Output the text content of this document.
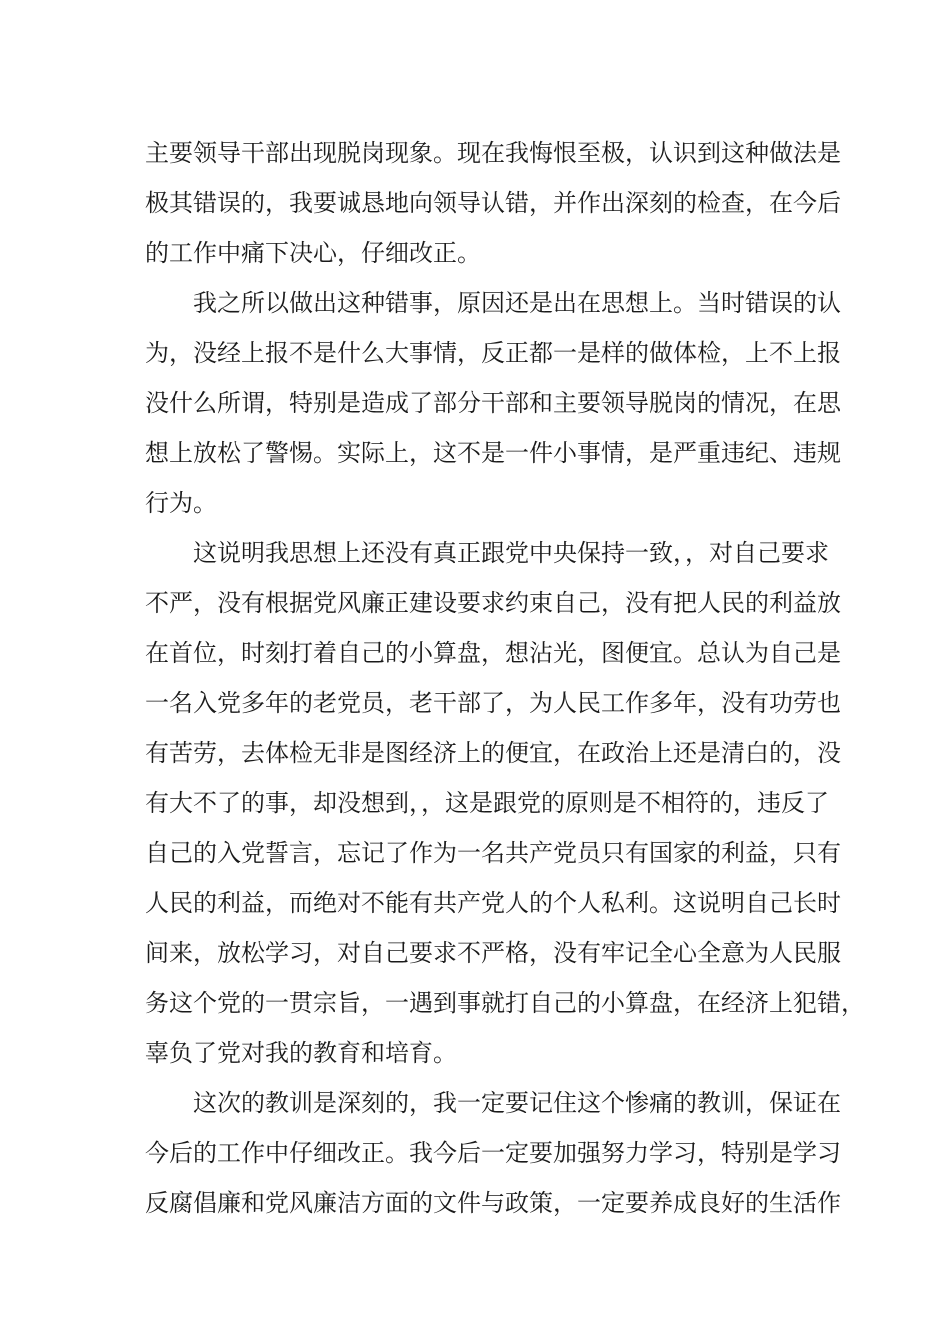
主要领导干部出现脱岗现象。现在我悔恨至极，认识到这种做法是
极其错误的，我要诚恳地向领导认错，并作出深刻的检查，在今后
的工作中痛下决心，仔细改正。

我之所以做出这种错事，原因还是出在思想上。当时错误的认
为，没经上报不是什么大事情，反正都一是样的做体检，上不上报
没什么所谓，特别是造成了部分干部和主要领导脱岗的情况，在思
想上放松了警惕。实际上，这不是一件小事情，是严重违纪、违规
行为。

这说明我思想上还没有真正跟党中央保持一致，，对自己要求
不严，没有根据党风廉正建设要求约束自己，没有把人民的利益放
在首位，时刻打着自己的小算盘，想沾光，图便宜。总认为自己是
一名入党多年的老党员，老干部了，为人民工作多年，没有功劳也
有苦劳，去体检无非是图经济上的便宜，在政治上还是清白的，没
有大不了的事，却没想到，，这是跟党的原则是不相符的，违反了
自己的入党誓言，忘记了作为一名共产党员只有国家的利益，只有
人民的利益，而绝对不能有共产党人的个人私利。这说明自己长时
间来，放松学习，对自己要求不严格，没有牢记全心全意为人民服
务这个党的一贯宗旨，一遇到事就打自己的小算盘，在经济上犯错，
辜负了党对我的教育和培育。

这次的教训是深刻的，我一定要记住这个惨痛的教训，保证在
今后的工作中仔细改正。我今后一定要加强努力学习，特别是学习
反腐倡廉和党风廉洁方面的文件与政策，一定要养成良好的生活作
